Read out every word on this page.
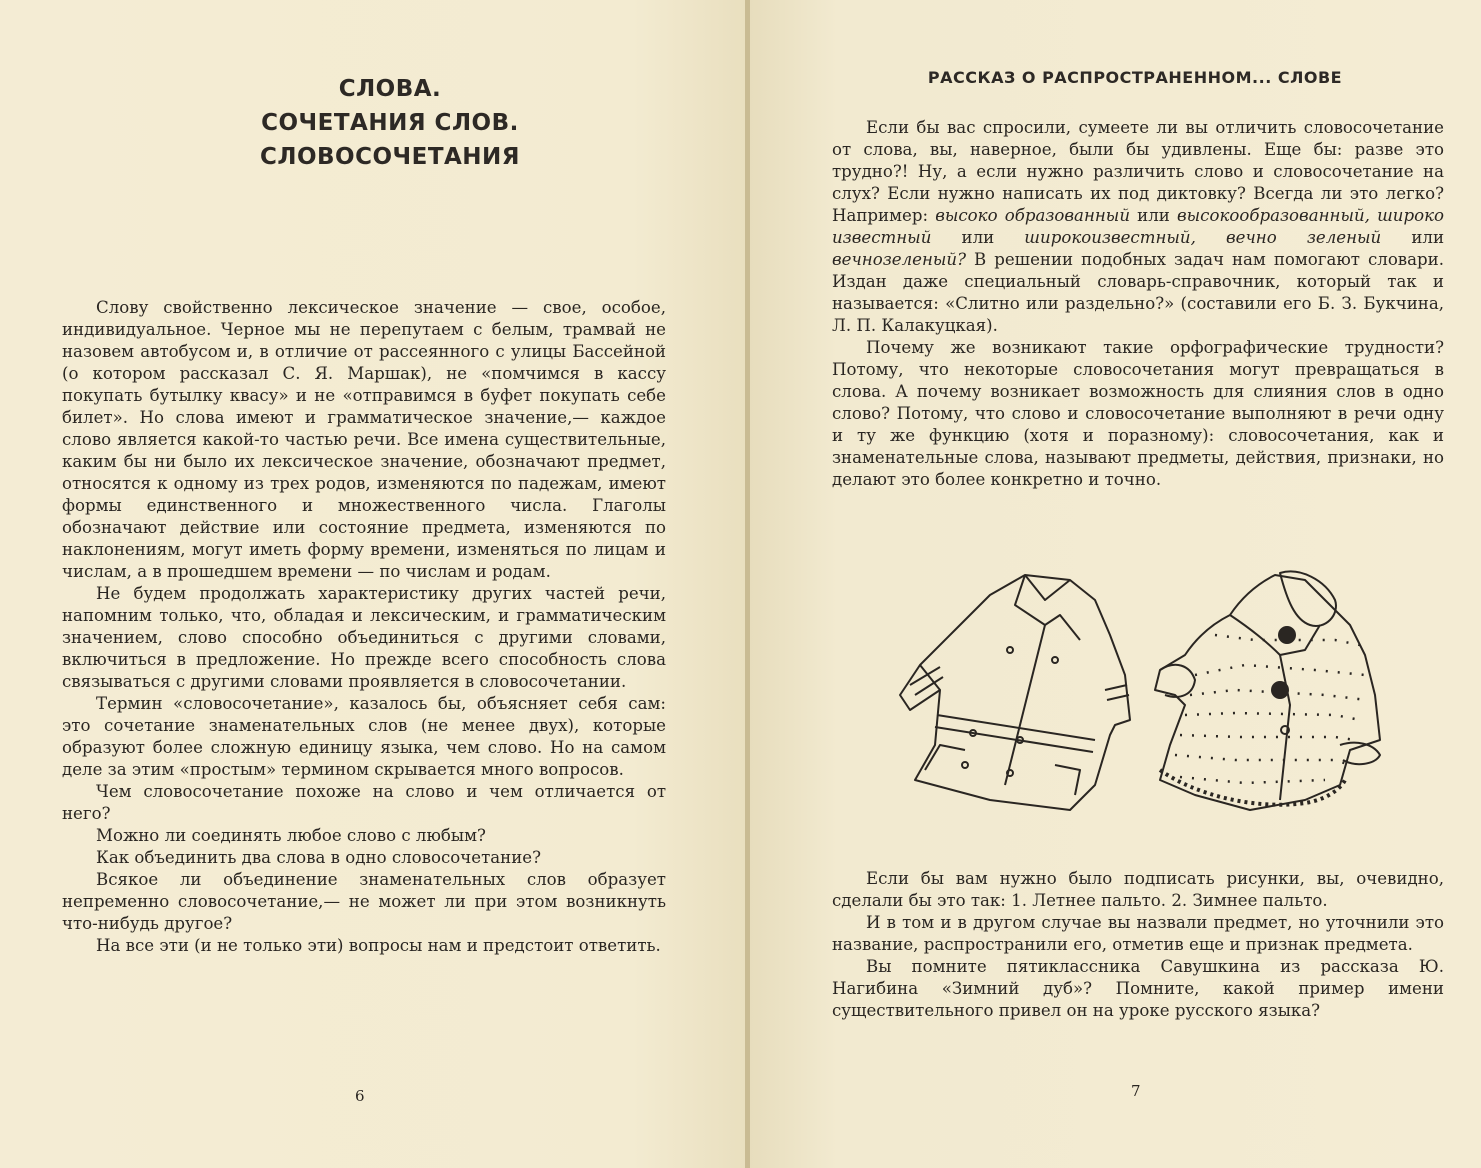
СЛОВА.
СОЧЕТАНИЯ СЛОВ.
СЛОВОСОЧЕТАНИЯ

Слову свойственно лексическое значение — свое, особое, индивидуальное. Черное мы не перепутаем с белым, трамвай не назовем автобусом и, в отличие от рассеянного с улицы Бассейной (о котором рассказал С. Я. Маршак), не «помчимся в кассу покупать бутылку квасу» и не «отправимся в буфет покупать себе билет». Но слова имеют и грамматическое значение,— каждое слово является какой-то частью речи. Все имена существительные, каким бы ни было их лексическое значение, обозначают предмет, относятся к одному из трех родов, изменяются по падежам, имеют формы единственного и множественного числа. Глаголы обозначают действие или состояние предмета, изменяются по наклонениям, могут иметь форму времени, изменяться по лицам и числам, а в прошедшем времени — по числам и родам.

Не будем продолжать характеристику других частей речи, напомним только, что, обладая и лексическим, и грамматическим значением, слово способно объединиться с другими словами, включиться в предложение. Но прежде всего способность слова связываться с другими словами проявляется в словосочетании.

Термин «словосочетание», казалось бы, объясняет себя сам: это сочетание знаменательных слов (не менее двух), которые образуют более сложную единицу языка, чем слово. Но на самом деле за этим «простым» термином скрывается много вопросов.

Чем словосочетание похоже на слово и чем отличается от него?

Можно ли соединять любое слово с любым?

Как объединить два слова в одно словосочетание?

Всякое ли объединение знаменательных слов образует непременно словосочетание,— не может ли при этом возникнуть что-нибудь другое?

На все эти (и не только эти) вопросы нам и предстоит ответить.

6
РАССКАЗ О РАСПРОСТРАНЕННОМ... СЛОВЕ

Если бы вас спросили, сумеете ли вы отличить словосочетание от слова, вы, наверное, были бы удивлены. Еще бы: разве это трудно?! Ну, а если нужно различить слово и словосочетание на слух? Если нужно написать их под диктовку? Всегда ли это легко? Например: высоко образованный или высокообразованный, широко известный или широкоизвестный, вечно зеленый или вечнозеленый? В решении подобных задач нам помогают словари. Издан даже специальный словарь-справочник, который так и называется: «Слитно или раздельно?» (составили его Б. З. Букчина, Л. П. Калакуцкая).

Почему же возникают такие орфографические трудности? Потому, что некоторые словосочетания могут превращаться в слова. А почему возникает возможность для слияния слов в одно слово? Потому, что слово и словосочетание выполняют в речи одну и ту же функцию (хотя и поразному): словосочетания, как и знаменательные слова, называют предметы, действия, признаки, но делают это более конкретно и точно.

Если бы вам нужно было подписать рисунки, вы, очевидно, сделали бы это так: 1. Летнее пальто. 2. Зимнее пальто.

И в том и в другом случае вы назвали предмет, но уточнили это название, распространили его, отметив еще и признак предмета.

Вы помните пятиклассника Савушкина из рассказа Ю. Нагибина «Зимний дуб»? Помните, какой пример имени существительного привел он на уроке русского языка?

7
